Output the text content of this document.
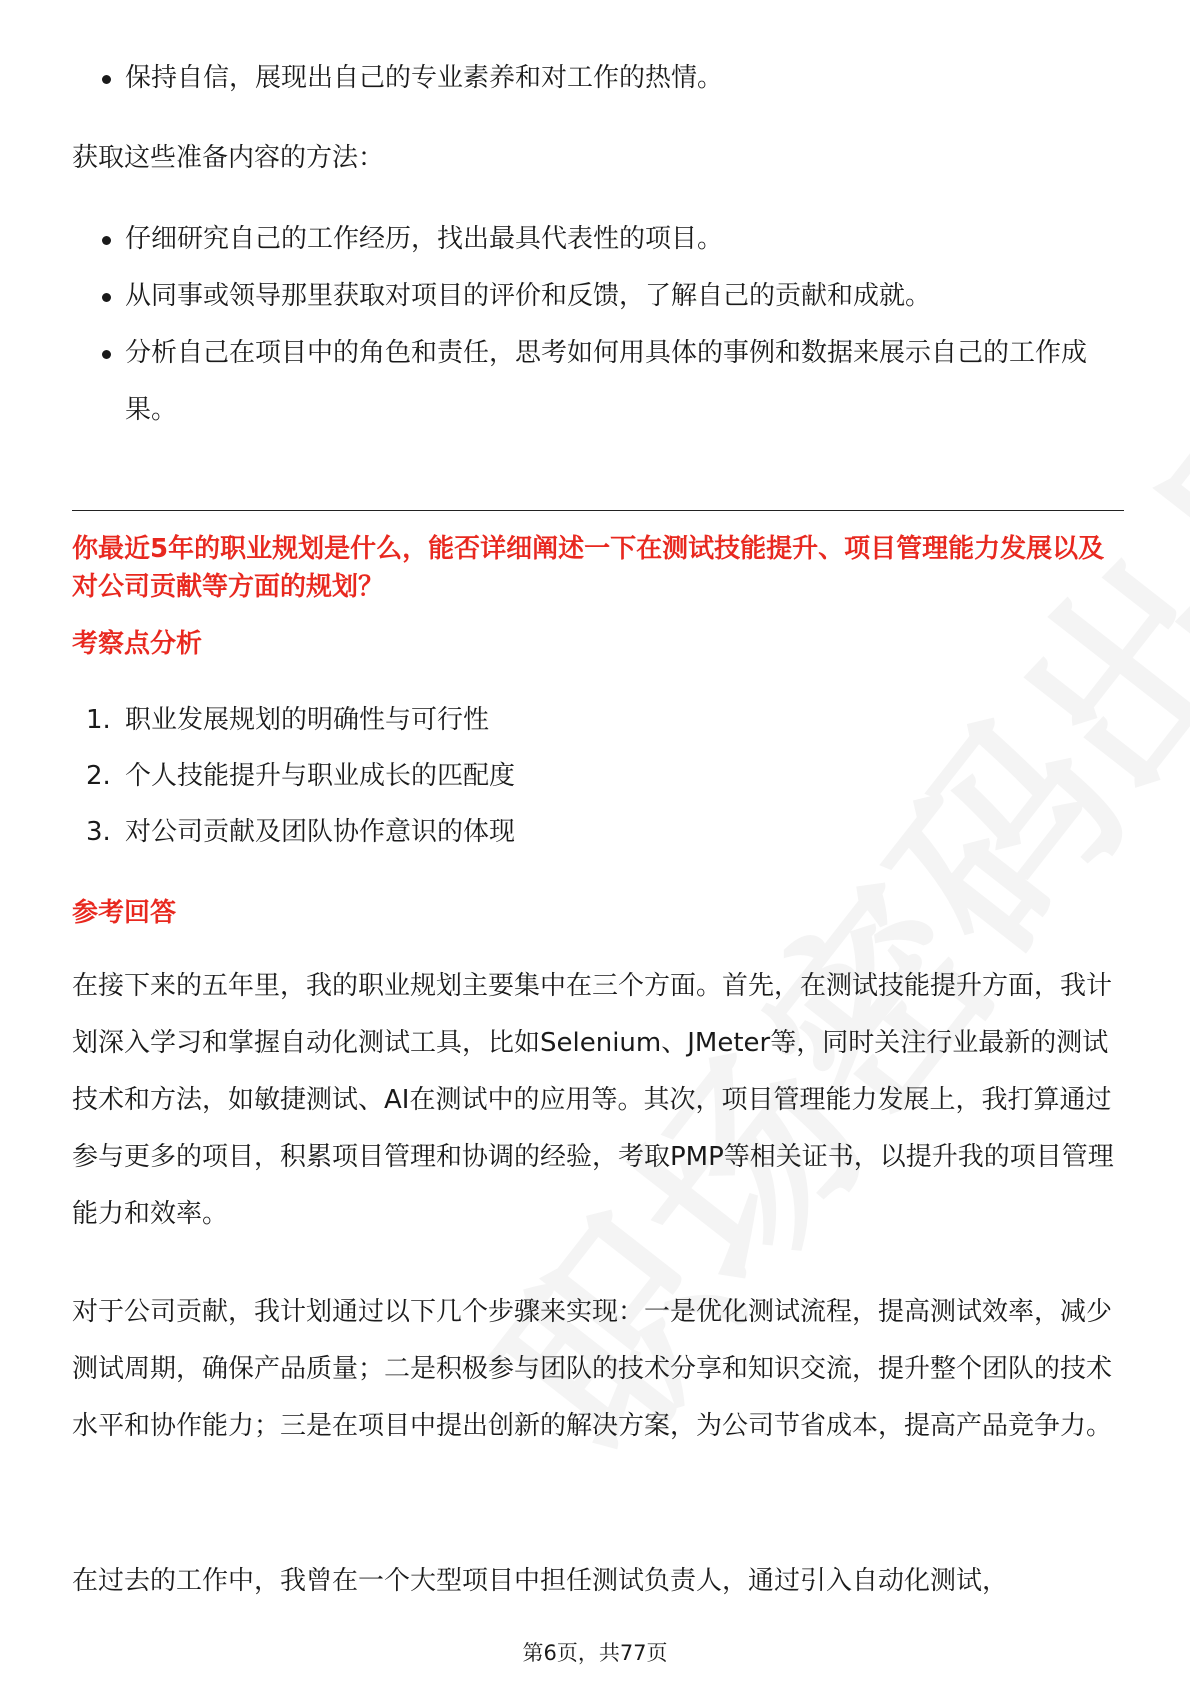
保持自信，展现出自己的专业素养和对工作的热情。

获取这些准备内容的方法：

仔细研究自己的工作经历，找出最具代表性的项目。
从同事或领导那里获取对项目的评价和反馈，了解自己的贡献和成就。
分析自己在项目中的角色和责任，思考如何用具体的事例和数据来展示自己的工作成果。

你最近5年的职业规划是什么，能否详细阐述一下在测试技能提升、项目管理能力发展以及对公司贡献等方面的规划？

考察点分析

1. 职业发展规划的明确性与可行性
2. 个人技能提升与职业成长的匹配度
3. 对公司贡献及团队协作意识的体现

参考回答

在接下来的五年里，我的职业规划主要集中在三个方面。首先，在测试技能提升方面，我计划深入学习和掌握自动化测试工具，比如Selenium、JMeter等，同时关注行业最新的测试技术和方法，如敏捷测试、AI在测试中的应用等。其次，项目管理能力发展上，我打算通过参与更多的项目，积累项目管理和协调的经验，考取PMP等相关证书，以提升我的项目管理能力和效率。

对于公司贡献，我计划通过以下几个步骤来实现：一是优化测试流程，提高测试效率，减少测试周期，确保产品质量；二是积极参与团队的技术分享和知识交流，提升整个团队的技术水平和协作能力；三是在项目中提出创新的解决方案，为公司节省成本，提高产品竞争力。

在过去的工作中，我曾在一个大型项目中担任测试负责人，通过引入自动化测试，

第6页，共77页
